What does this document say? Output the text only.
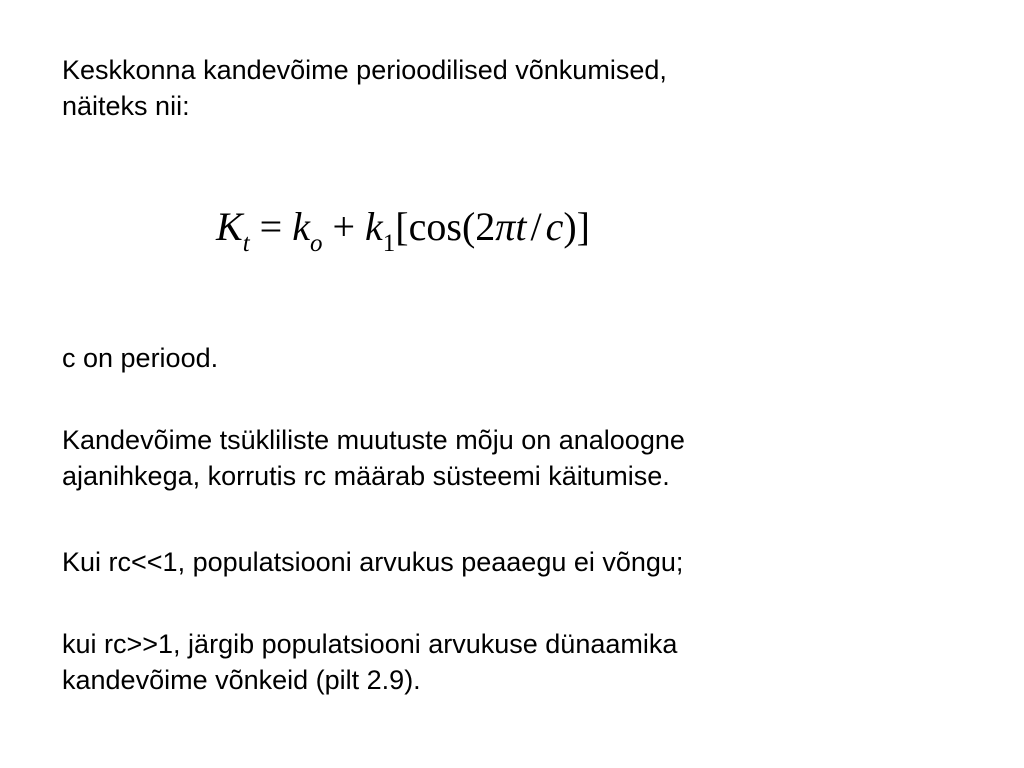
Keskkonna kandevõime perioodilised võnkumised,
näiteks nii:

$K_t = k_o + k_1[\cos(2\pi t / c)]$

c on periood.

Kandevõime tsükliliste muutuste mõju on analoogne
ajanihkega, korrutis rc määrab süsteemi käitumise.

Kui rc<<1, populatsiooni arvukus peaaegu ei võngu;

kui rc>>1, järgib populatsiooni arvukuse dünaamika
kandevõime võnkeid (pilt 2.9).
